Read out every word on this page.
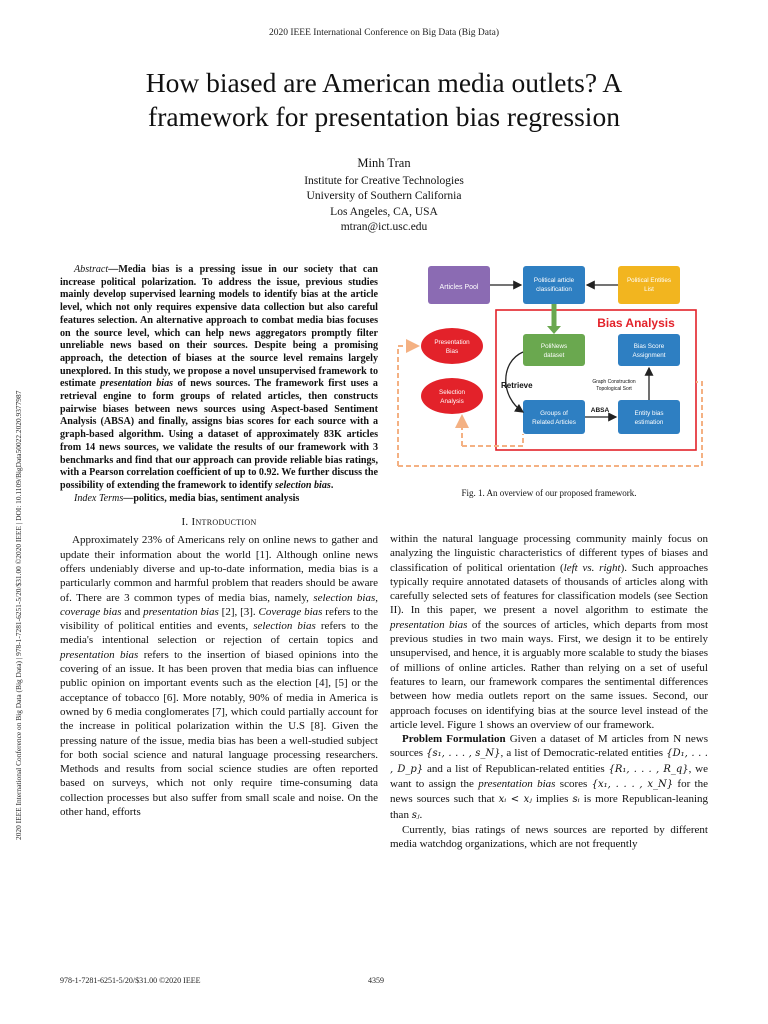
2020 IEEE International Conference on Big Data (Big Data)
2020 IEEE International Conference on Big Data (Big Data) | 978-1-7281-6251-5/20/$31.00 ©2020 IEEE | DOI: 10.1109/BigData50022.2020.9377987
How biased are American media outlets? A
framework for presentation bias regression
Minh Tran
Institute for Creative Technologies
University of Southern California
Los Angeles, CA, USA
mtran@ict.usc.edu

Abstract—Media bias is a pressing issue in our society that can increase political polarization. To address the issue, previous studies mainly develop supervised learning models to identify bias at the article level, which not only requires expensive data collection but also careful features selection. An alternative approach to combat media bias focuses on the source level, which can help news aggregators promptly filter unreliable news based on their sources. Despite being a promising approach, the detection of biases at the source level remains largely unexplored. In this study, we propose a novel unsupervised framework to estimate presentation bias of news sources. The framework first uses a retrieval engine to form groups of related articles, then constructs pairwise biases between news sources using Aspect-based Sentiment Analysis (ABSA) and finally, assigns bias scores for each source with a graph-based algorithm. Using a dataset of approximately 83K articles from 14 news sources, we validate the results of our framework with 3 benchmarks and find that our approach can provide reliable bias ratings, with a Pearson correlation coefficient of up to 0.92. We further discuss the possibility of extending the framework to identify selection bias.

Index Terms—politics, media bias, sentiment analysis

I. Introduction

Approximately 23% of Americans rely on online news to gather and update their information about the world [1]. Although online news offers undeniably diverse and up-to-date information, media bias is a particularly common and harmful problem that readers should be aware of. There are 3 common types of media bias, namely, selection bias, coverage bias and presentation bias [2], [3]. Coverage bias refers to the visibility of political entities and events, selection bias refers to the media's intentional selection or rejection of certain topics and presentation bias refers to the insertion of biased opinions into the covering of an issue. It has been proven that media bias can influence public opinion on important events such as the election [4], [5] or the acceptance of tobacco [6]. More notably, 90% of media in America is owned by 6 media conglomerates [7], which could partially account for the increase in political polarization within the U.S [8]. Given the pressing nature of the issue, media bias has been a well-studied subject for both social science and natural language processing researchers. Methods and results from social science studies are often reported based on surveys, which not only require time-consuming data collection processes but also suffer from small scale and noise. On the other hand, efforts

Articles Pool
Political article
classification
Political Entities
List
Bias Analysis
PoliNews
dataset
Bias Score
Assignment
Groups of
Related Articles
Entity bias
estimation
Retrieve
ABSA
Graph Construction
Topological Sort
Presentation
Bias
Selection
Analysis
Fig. 1. An overview of our proposed framework.

within the natural language processing community mainly focus on analyzing the linguistic characteristics of different types of biases and classification of political orientation (left vs. right). Such approaches typically require annotated datasets of thousands of articles along with carefully selected sets of features for classification models (see Section II). In this paper, we present a novel algorithm to estimate the presentation bias of the sources of articles, which departs from most previous studies in two main ways. First, we design it to be entirely unsupervised, and hence, it is arguably more scalable to study the biases of millions of online articles. Rather than relying on a set of useful features to learn, our framework compares the sentimental differences between how media outlets report on the same issues. Second, our approach focuses on identifying bias at the source level instead of the article level. Figure 1 shows an overview of our framework.

Problem Formulation Given a dataset of M articles from N news sources {s₁, . . . , s_N}, a list of Democratic-related entities {D₁, . . . , D_p} and a list of Republican-related entities {R₁, . . . , R_q}, we want to assign the presentation bias scores {x₁, . . . , x_N} for the news sources such that xᵢ < xⱼ implies sᵢ is more Republican-leaning than sⱼ.

Currently, bias ratings of news sources are reported by different media watchdog organizations, which are not frequently

978-1-7281-6251-5/20/$31.00 ©2020 IEEE	4359
